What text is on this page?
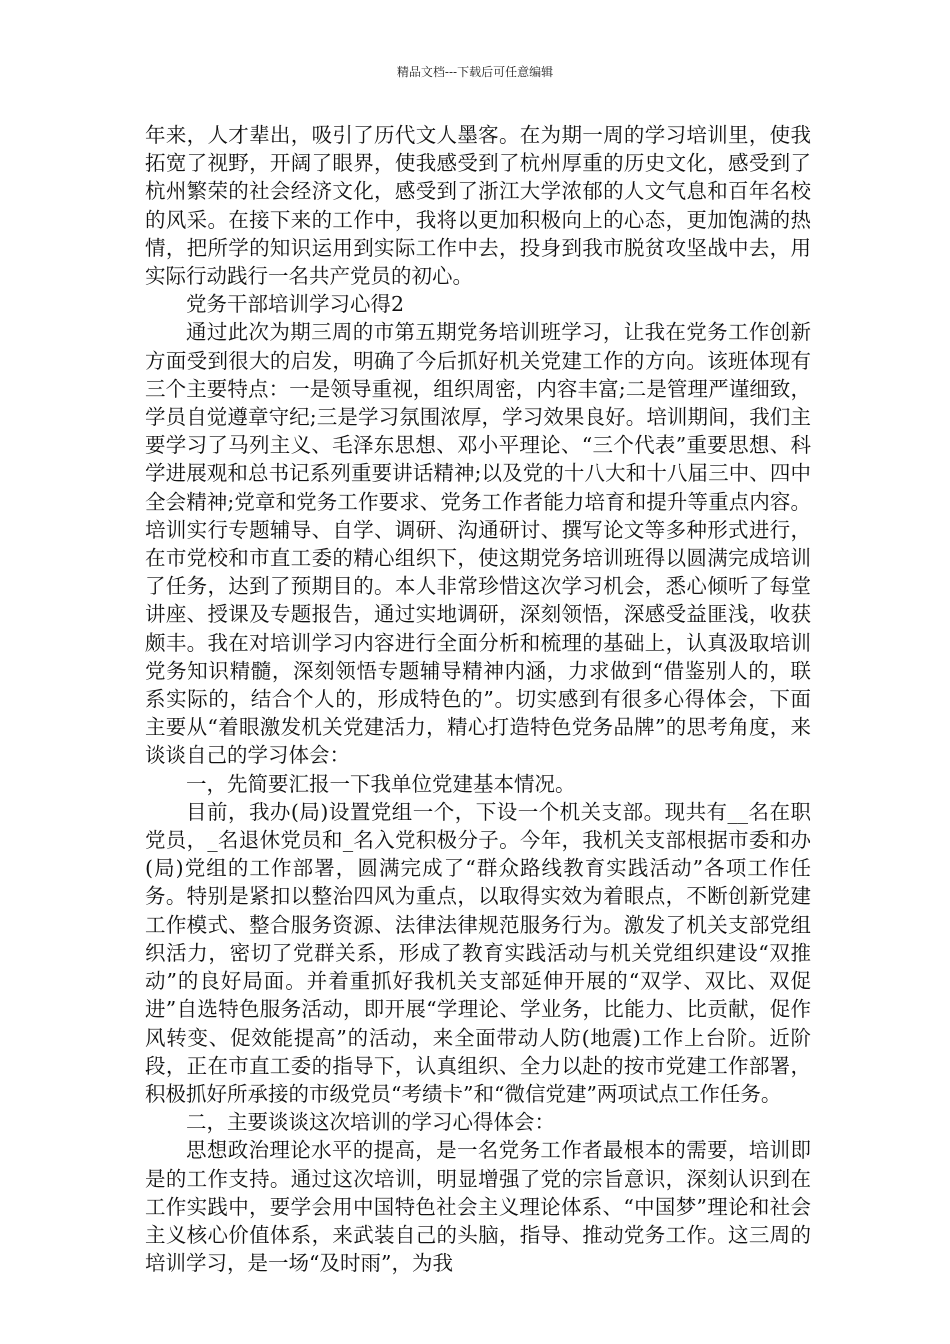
精品文档---下载后可任意编辑

年来，人才辈出，吸引了历代文人墨客。在为期一周的学习培训里，使我拓宽了视野，开阔了眼界，使我感受到了杭州厚重的历史文化，感受到了杭州繁荣的社会经济文化，感受到了浙江大学浓郁的人文气息和百年名校的风采。在接下来的工作中，我将以更加积极向上的心态，更加饱满的热情，把所学的知识运用到实际工作中去，投身到我市脱贫攻坚战中去，用实际行动践行一名共产党员的初心。

党务干部培训学习心得2

通过此次为期三周的市第五期党务培训班学习，让我在党务工作创新方面受到很大的启发，明确了今后抓好机关党建工作的方向。该班体现有三个主要特点：一是领导重视，组织周密，内容丰富;二是管理严谨细致，学员自觉遵章守纪;三是学习氛围浓厚，学习效果良好。培训期间，我们主要学习了马列主义、毛泽东思想、邓小平理论、“三个代表”重要思想、科学进展观和总书记系列重要讲话精神;以及党的十八大和十八届三中、四中全会精神;党章和党务工作要求、党务工作者能力培育和提升等重点内容。培训实行专题辅导、自学、调研、沟通研讨、撰写论文等多种形式进行，在市党校和市直工委的精心组织下，使这期党务培训班得以圆满完成培训了任务，达到了预期目的。本人非常珍惜这次学习机会，悉心倾听了每堂讲座、授课及专题报告，通过实地调研，深刻领悟，深感受益匪浅，收获颇丰。我在对培训学习内容进行全面分析和梳理的基础上，认真汲取培训党务知识精髓，深刻领悟专题辅导精神内涵，力求做到“借鉴别人的，联系实际的，结合个人的，形成特色的”。切实感到有很多心得体会，下面主要从“着眼激发机关党建活力，精心打造特色党务品牌”的思考角度，来谈谈自己的学习体会：

一，先简要汇报一下我单位党建基本情况。

目前，我办(局)设置党组一个，下设一个机关支部。现共有__名在职党员，_名退休党员和_名入党积极分子。今年，我机关支部根据市委和办(局)党组的工作部署，圆满完成了“群众路线教育实践活动”各项工作任务。特别是紧扣以整治四风为重点，以取得实效为着眼点，不断创新党建工作模式、整合服务资源、法律法律规范服务行为。激发了机关支部党组织活力，密切了党群关系，形成了教育实践活动与机关党组织建设“双推动”的良好局面。并着重抓好我机关支部延伸开展的“双学、双比、双促进”自选特色服务活动，即开展“学理论、学业务，比能力、比贡献，促作风转变、促效能提高”的活动，来全面带动人防(地震)工作上台阶。近阶段，正在市直工委的指导下，认真组织、全力以赴的按市党建工作部署，积极抓好所承接的市级党员“考绩卡”和“微信党建”两项试点工作任务。

二，主要谈谈这次培训的学习心得体会：

思想政治理论水平的提高，是一名党务工作者最根本的需要，培训即是的工作支持。通过这次培训，明显增强了党的宗旨意识，深刻认识到在工作实践中，要学会用中国特色社会主义理论体系、“中国梦”理论和社会主义核心价值体系，来武装自己的头脑，指导、推动党务工作。这三周的培训学习，是一场“及时雨”，为我
